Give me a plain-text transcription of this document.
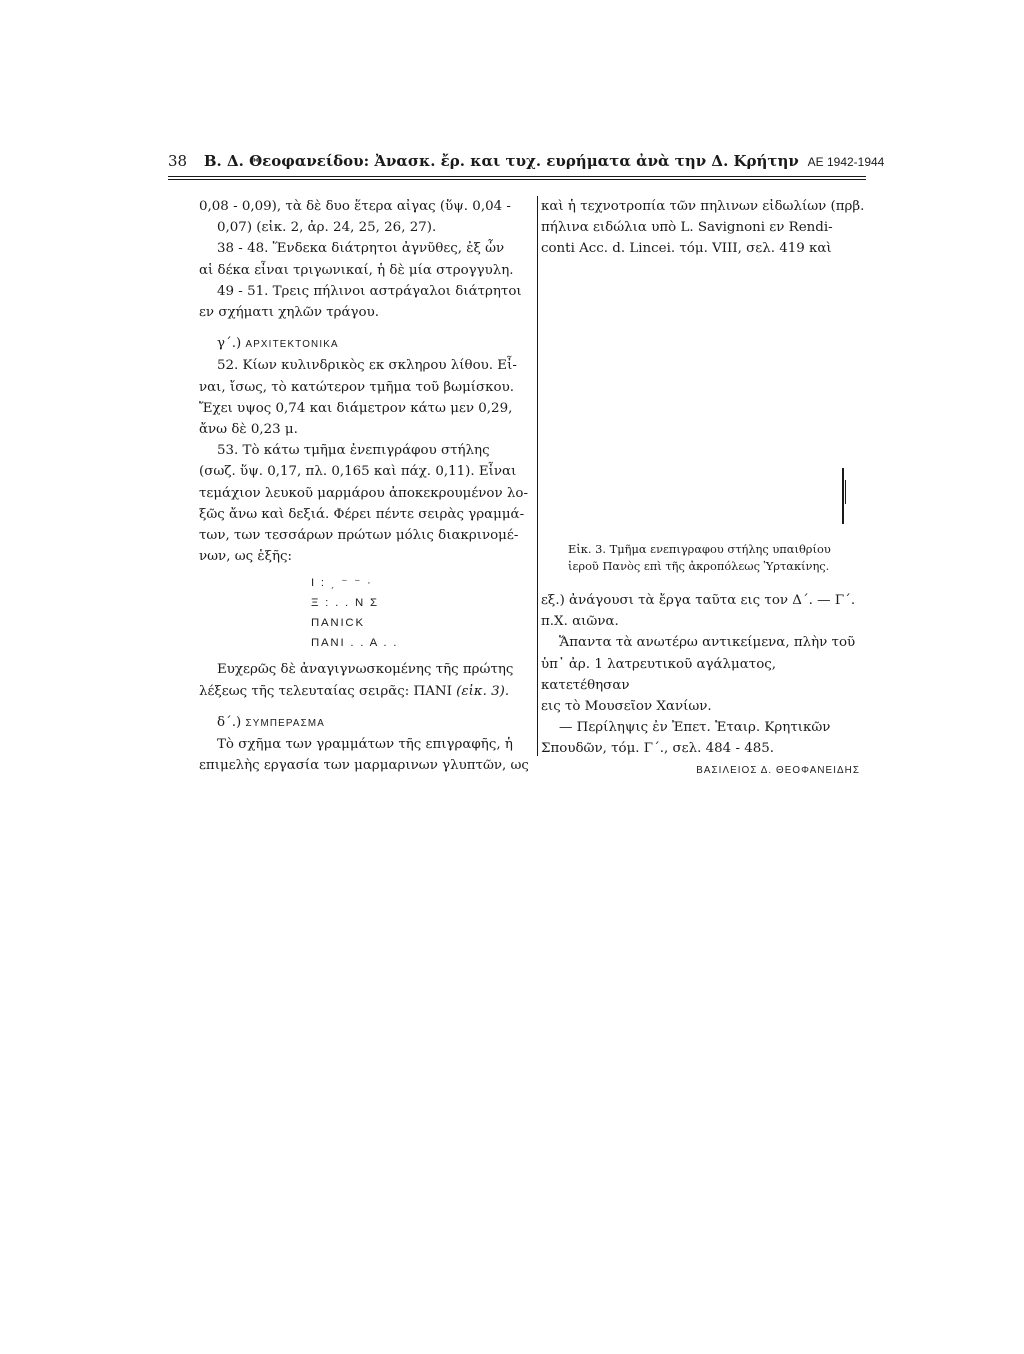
38 Β. Δ. Θεοφανείδου: Ἀνασκ. ἔρ. και τυχ. ευρήματα ἀνὰ την Δ. Κρήτην ΑΕ 1942-1944

0,08 - 0,09), τὰ δὲ δυο ἕτερα αἰγας (ὕψ. 0,04 -

0,07) (εἰκ. 2, ἀρ. 24, 25, 26, 27).

38 - 48. Ἕνδεκα διάτρητοι ἀγνῦθες, ἐξ ὧν

αἱ δέκα εἶναι τριγωνικαί, ἡ δὲ μία στρογγυλη.

49 - 51. Τρεις πήλινοι αστράγαλοι διάτρητοι

εν σχήματι χηλῶν τράγου.

γ΄.) ΑΡΧΙΤΕΚΤΟΝΙΚΑ

52. Κίων κυλινδρικὸς εκ σκληρου λίθου. Εἶ-

ναι, ἴσως, τὸ κατώτερον τμῆμα τοῦ βωμίσκου.

Ἔχει υψος 0,74 και διάμετρον κάτω μεν 0,29,

ἄνω δὲ 0,23 μ.

53. Τὸ κάτω τμῆμα ἐνεπιγράφου στήλης

(σωζ. ὕψ. 0,17, πλ. 0,165 καὶ πάχ. 0,11). Εἶναι

τεμάχιον λευκοῦ μαρμάρου ἀποκεκρουμένον λο-

ξῶς ἄνω καὶ δεξιά. Φέρει πέντε σειρὰς γραμμά-

των, των τεσσάρων πρώτων μόλις διακρινομέ-

νων, ως ἑξῆς:

Ι : ͵ ⁻ ⁻ ·

Ξ : . . Ν Σ

ΠΑΝΙϹΚ

ΠΑΝΙ . . Α . .

Ευχερῶς δὲ ἀναγιγνωσκομένης τῆς πρώτης

λέξεως τῆς τελευταίας σειρᾶς: ΠΑΝΙ (εἰκ. 3).

δ΄.) ΣΥΜΠΕΡΑΣΜΑ

Τὸ σχῆμα των γραμμάτων τῆς επιγραφῆς, ἡ

επιμελὴς εργασία των μαρμαρινων γλυπτῶν, ως

καὶ ἡ τεχνοτροπία τῶν πηλινων εἰδωλίων (πρβ.

πήλινα ειδώλια υπὸ L. Savignoni εν Rendi-

conti Acc. d. Lincei. τόμ. VIII, σελ. 419 καὶ

Εἰκ. 3. Τμῆμα ενεπιγραφου στήλης υπαιθρίου

ἱεροῦ Πανὸς επὶ τῆς ἀκροπόλεως Ὑρτακίνης.

εξ.) ἀνάγουσι τὰ ἔργα ταῦτα εις τον Δ΄. — Γ΄.

π.Χ. αιῶνα.

Ἅπαντα τὰ ανωτέρω αντικείμενα, πλὴν τοῦ

ὑπ᾽ ἀρ. 1 λατρευτικοῦ αγάλματος, κατετέθησαν

εις τὸ Μουσεῖον Χανίων.

— Περίληψις ἐν Ἐπετ. Ἑταιρ. Κρητικῶν

Σπουδῶν, τόμ. Γ΄., σελ. 484 - 485.

ΒΑΣΙΛΕΙΟΣ Δ. ΘΕΟΦΑΝΕΙΔΗΣ
